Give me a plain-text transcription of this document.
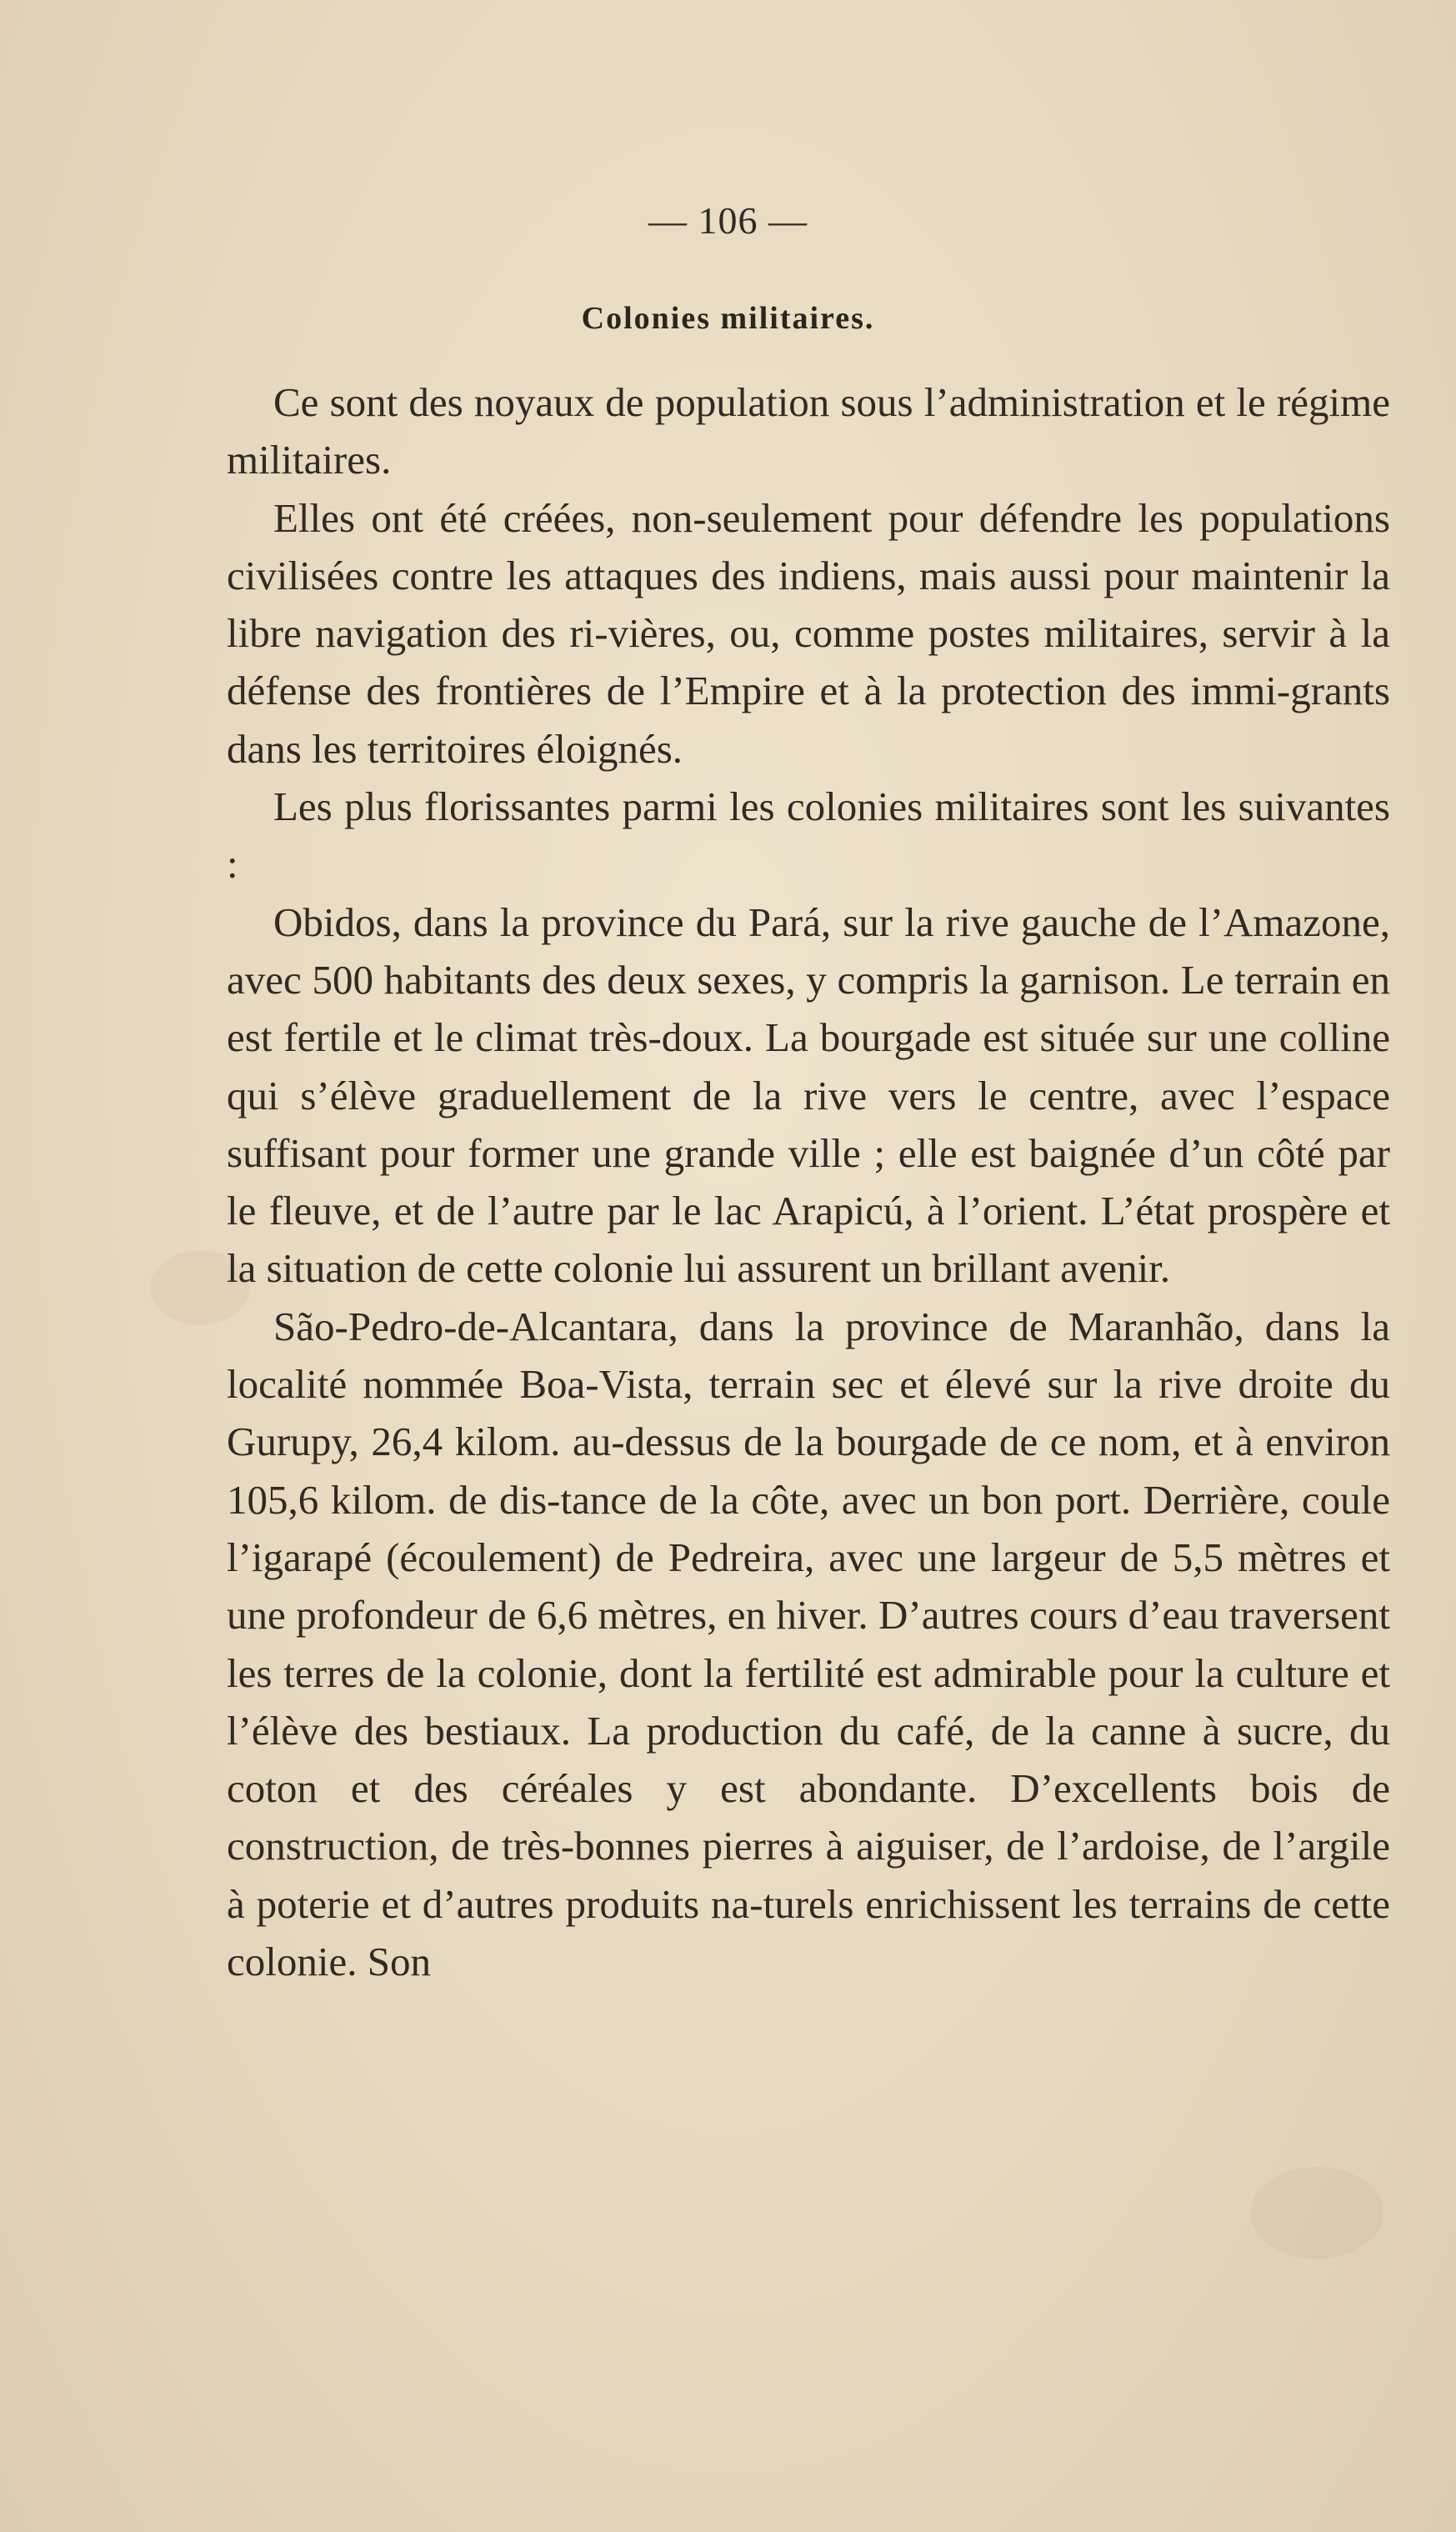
— 106 —
Colonies militaires.

Ce sont des noyaux de population sous l’administration et le régime militaires.

Elles ont été créées, non-seulement pour défendre les populations civilisées contre les attaques des indiens, mais aussi pour maintenir la libre navigation des ri-vières, ou, comme postes militaires, servir à la défense des frontières de l’Empire et à la protection des immi-grants dans les territoires éloignés.

Les plus florissantes parmi les colonies militaires sont les suivantes :

Obidos, dans la province du Pará, sur la rive gauche de l’Amazone, avec 500 habitants des deux sexes, y compris la garnison. Le terrain en est fertile et le climat très-doux. La bourgade est située sur une colline qui s’élève graduellement de la rive vers le centre, avec l’espace suffisant pour former une grande ville ; elle est baignée d’un côté par le fleuve, et de l’autre par le lac Arapicú, à l’orient. L’état prospère et la situation de cette colonie lui assurent un brillant avenir.

São-Pedro-de-Alcantara, dans la province de Maranhão, dans la localité nommée Boa-Vista, terrain sec et élevé sur la rive droite du Gurupy, 26,4 kilom. au-dessus de la bourgade de ce nom, et à environ 105,6 kilom. de dis-tance de la côte, avec un bon port. Derrière, coule l’igarapé (écoulement) de Pedreira, avec une largeur de 5,5 mètres et une profondeur de 6,6 mètres, en hiver. D’autres cours d’eau traversent les terres de la colonie, dont la fertilité est admirable pour la culture et l’élève des bestiaux. La production du café, de la canne à sucre, du coton et des céréales y est abondante. D’excellents bois de construction, de très-bonnes pierres à aiguiser, de l’ardoise, de l’argile à poterie et d’autres produits na-turels enrichissent les terrains de cette colonie. Son
